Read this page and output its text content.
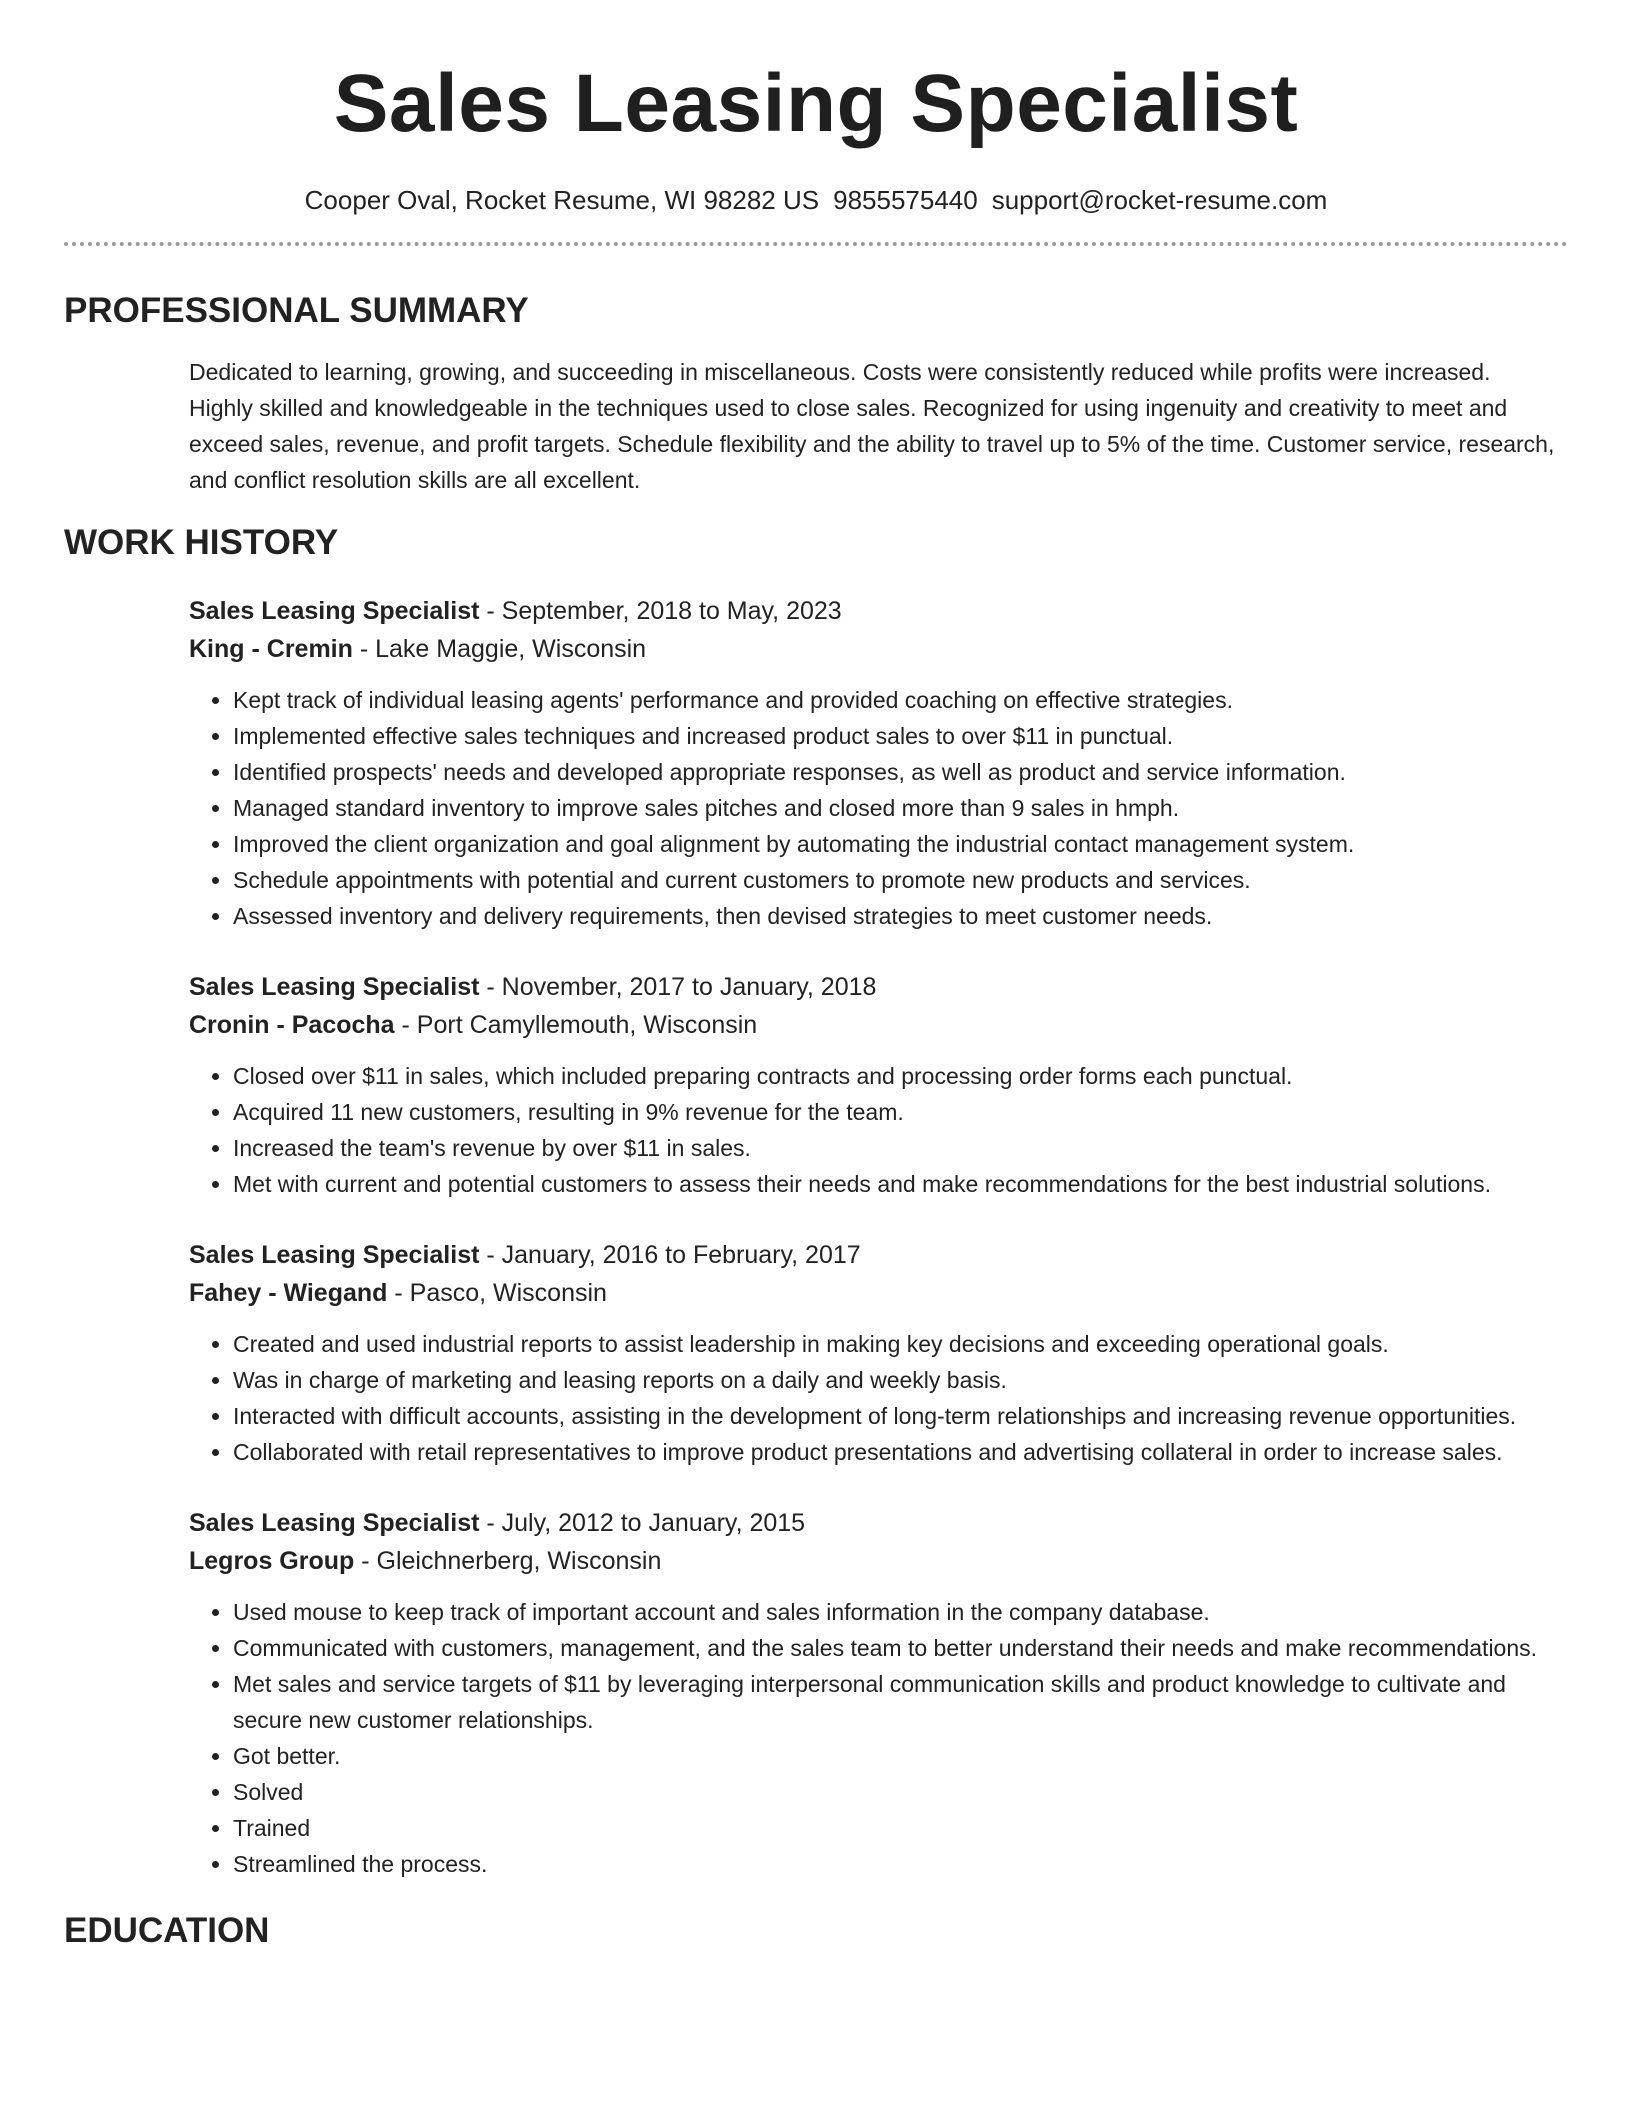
Sales Leasing Specialist
Cooper Oval, Rocket Resume, WI 98282 US 9855575440 support@rocket-resume.com
PROFESSIONAL SUMMARY
Dedicated to learning, growing, and succeeding in miscellaneous. Costs were consistently reduced while profits were increased. Highly skilled and knowledgeable in the techniques used to close sales. Recognized for using ingenuity and creativity to meet and exceed sales, revenue, and profit targets. Schedule flexibility and the ability to travel up to 5% of the time. Customer service, research, and conflict resolution skills are all excellent.
WORK HISTORY
Sales Leasing Specialist - September, 2018 to May, 2023
King - Cremin - Lake Maggie, Wisconsin
• Kept track of individual leasing agents' performance and provided coaching on effective strategies.
• Implemented effective sales techniques and increased product sales to over $11 in punctual.
• Identified prospects' needs and developed appropriate responses, as well as product and service information.
• Managed standard inventory to improve sales pitches and closed more than 9 sales in hmph.
• Improved the client organization and goal alignment by automating the industrial contact management system.
• Schedule appointments with potential and current customers to promote new products and services.
• Assessed inventory and delivery requirements, then devised strategies to meet customer needs.
Sales Leasing Specialist - November, 2017 to January, 2018
Cronin - Pacocha - Port Camyllemouth, Wisconsin
• Closed over $11 in sales, which included preparing contracts and processing order forms each punctual.
• Acquired 11 new customers, resulting in 9% revenue for the team.
• Increased the team's revenue by over $11 in sales.
• Met with current and potential customers to assess their needs and make recommendations for the best industrial solutions.
Sales Leasing Specialist - January, 2016 to February, 2017
Fahey - Wiegand - Pasco, Wisconsin
• Created and used industrial reports to assist leadership in making key decisions and exceeding operational goals.
• Was in charge of marketing and leasing reports on a daily and weekly basis.
• Interacted with difficult accounts, assisting in the development of long-term relationships and increasing revenue opportunities.
• Collaborated with retail representatives to improve product presentations and advertising collateral in order to increase sales.
Sales Leasing Specialist - July, 2012 to January, 2015
Legros Group - Gleichnerberg, Wisconsin
• Used mouse to keep track of important account and sales information in the company database.
• Communicated with customers, management, and the sales team to better understand their needs and make recommendations.
• Met sales and service targets of $11 by leveraging interpersonal communication skills and product knowledge to cultivate and secure new customer relationships.
• Got better.
• Solved
• Trained
• Streamlined the process.
EDUCATION
